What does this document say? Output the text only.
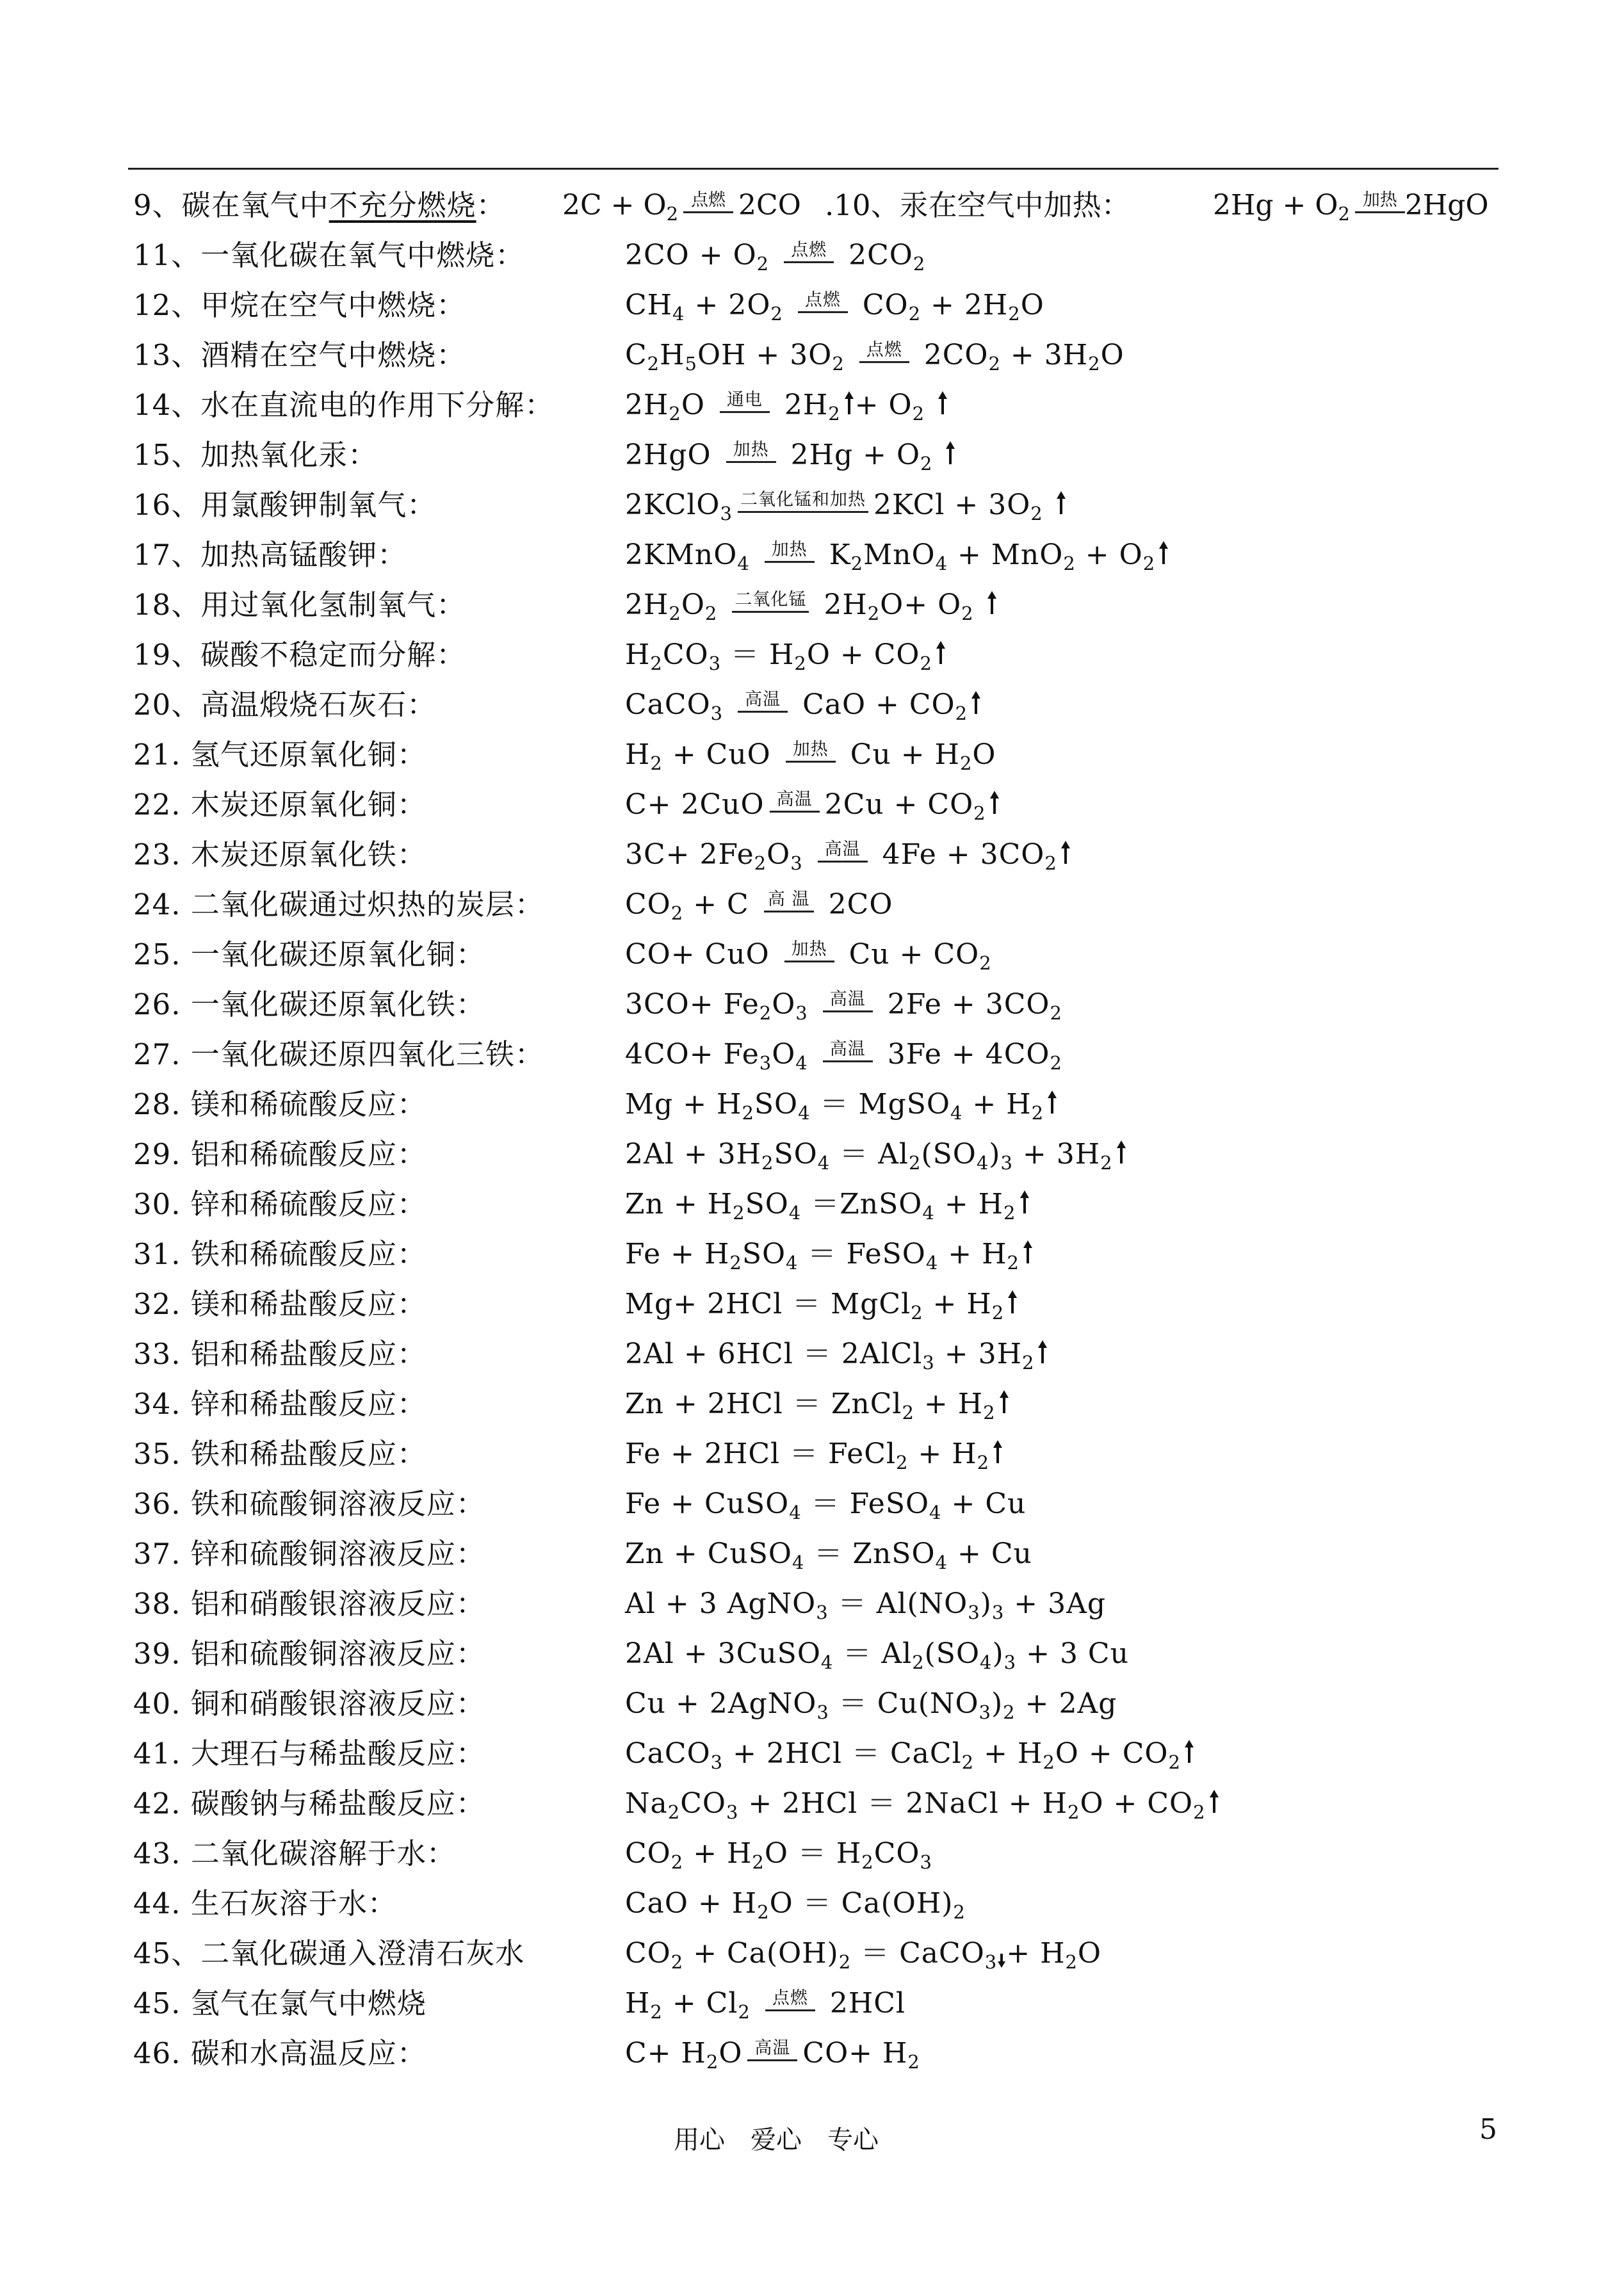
9、碳在氧气中不充分燃烧： $2C + O_2$点燃 2CO .10、汞在空气中加热：	$2Hg + O_2$加热 2HgO
11、一氧化碳在氧气中燃烧：	$2CO + O_2$ 点燃 $2CO_2$
12、甲烷在空气中燃烧：	$CH_4 + 2O_2$ 点燃 $CO_2 + 2H_2O$
13、酒精在空气中燃烧：	$C_2H_5OH + 3O_2$ 点燃 $2CO_2 + 3H_2O$
14、水在直流电的作用下分解：	$2H_2O$ 通电 $2H_2 + O_2$
15、加热氧化汞：	2HgO 加热 $2Hg + O_2$
16、用氯酸钾制氧气：	2KClO$_3$二氧化锰和加热 $2KCl + 3O_2$
17、加热高锰酸钾：	2KMnO$_4$ 加热 $K_2MnO_4 + MnO_2 + O_2$
18、用过氧化氢制氧气：	$2H_2O_2$ 二氧化锰 $2H_2O+ O_2$
19、碳酸不稳定而分解：	$H_2CO_3 = H_2O + CO_2$
20、高温煅烧石灰石：	CaCO$_3$ 高温 CaO + $CO_2$
21. 氢气还原氧化铜：	$H_2$ + CuO 加热 $Cu + H_2O$
22. 木炭还原氧化铜：	C+ 2CuO 高温 $2Cu + CO_2$
23. 木炭还原氧化铁：	$3C+ 2Fe_2O_3$ 高温 $4Fe + 3CO_2$
24. 二氧化碳通过炽热的炭层：	$CO_2 + C$ 高 温 2CO
25. 一氧化碳还原氧化铜：	CO+ CuO 加热 $Cu + CO_2$
26. 一氧化碳还原氧化铁：	$3CO+ Fe_2O_3$ 高温 $2Fe + 3CO_2$
27. 一氧化碳还原四氧化三铁：	$4CO+ Fe_3O_4$ 高温 $3Fe + 4CO_2$
28. 镁和稀硫酸反应：	$Mg + H_2SO_4$ ＝ MgSO$_4$ + $H_2$
29. 铝和稀硫酸反应：	$2Al + 3H_2SO_4 = Al_2(SO_4)_3 + 3H_2$
30. 锌和稀硫酸反应：	$Zn + H_2SO_4$ ＝ZnSO$_4$ + $H_2$
31. 铁和稀硫酸反应：	$Fe + H_2SO_4$ ＝ FeSO$_4$ + $H_2$
32. 镁和稀盐酸反应：	Mg+ 2HCl ＝ MgCl$_2$ + $H_2$
33. 铝和稀盐酸反应：	2Al + 6HCl ＝ 2AlCl$_3$ + $3H_2$
34. 锌和稀盐酸反应：	Zn + 2HCl ＝ ZnCl$_2$ + $H_2$
35. 铁和稀盐酸反应：	Fe + 2HCl ＝ FeCl$_2$ + $H_2$
36. 铁和硫酸铜溶液反应：	Fe + CuSO$_4$ ＝ FeSO$_4$ + Cu
37. 锌和硫酸铜溶液反应：	Zn + CuSO$_4$ ＝ ZnSO$_4$ + Cu
38. 铝和硝酸银溶液反应：	Al + 3 AgNO$_3$ ＝ $Al(NO_3)_3 + 3Ag$
39. 铝和硫酸铜溶液反应：	2Al + 3CuSO$_4$ ＝ $Al_2(SO_4)_3 + 3$ Cu
40. 铜和硝酸银溶液反应：	Cu + 2AgNO$_3$ ＝ $Cu(NO_3)_2 + 2Ag$
41. 大理石与稀盐酸反应：	CaCO$_3$ + 2HCl ＝ CaCl$_2$ + $H_2O + CO_2$
42. 碳酸钠与稀盐酸反应：	$Na_2CO_3 + 2HCl$ ＝ 2NaCl + $H_2O + CO_2$
43. 二氧化碳溶解于水：	$CO_2 + H_2O = H_2CO_3$
44. 生石灰溶于水：	CaO + $H_2O = Ca(OH)_2$
45、二氧化碳通入澄清石灰水	$CO_2 + Ca(OH)_2$ ＝ CaCO$_3$ + $H_2O$
45. 氢气在氯气中燃烧	$H_2 + Cl_2$ 点燃 2HCl
46. 碳和水高温反应：	$C+ H_2O$ 高温 $CO+ H_2$
用心　爱心　专心	5
